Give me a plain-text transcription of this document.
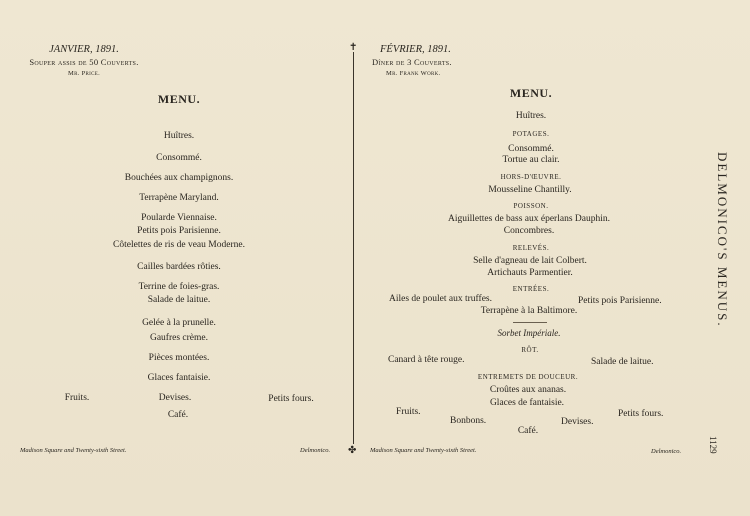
JANVIER, 1891.
Souper assis de 50 Couverts.
Mr. Price.
MENU.
Huîtres.
Consommé.
Bouchées aux champignons.
Terrapène Maryland.
Poularde Viennaise.
Petits pois Parisienne.
Côtelettes de ris de veau Moderne.
Cailles bardées rôties.
Terrine de foies-gras.
Salade de laitue.
Gelée à la prunelle.
Gaufres crème.
Pièces montées.
Glaces fantaisie.
Fruits.	Devises.	Petits fours.
Café.
Madison Square and Twenty-sixth Street.	Delmonico.
✝
✤
FÉVRIER, 1891.
Dîner de 3 Couverts.
Mr. Frank Work.
MENU.
Huîtres.
POTAGES.
Consommé.
Tortue au clair.
HORS-D'ŒUVRE.
Mousseline Chantilly.
POISSON.
Aiguillettes de bass aux éperlans Dauphin.
Concombres.
RELEVÉS.
Selle d'agneau de lait Colbert.
Artichauts Parmentier.
ENTRÉES.
Ailes de poulet aux truffes.	Petits pois Parisienne.
Terrapène à la Baltimore.
Sorbet Impériale.
RÔT.
Canard à tête rouge.	Salade de laitue.
ENTREMETS DE DOUCEUR.
Croûtes aux ananas.
Glaces de fantaisie.
Fruits.	Petits fours.
Bonbons.	Devises.
Café.
Madison Square and Twenty-sixth Street.	Delmonico.
DELMONICO'S MENUS.
1129
